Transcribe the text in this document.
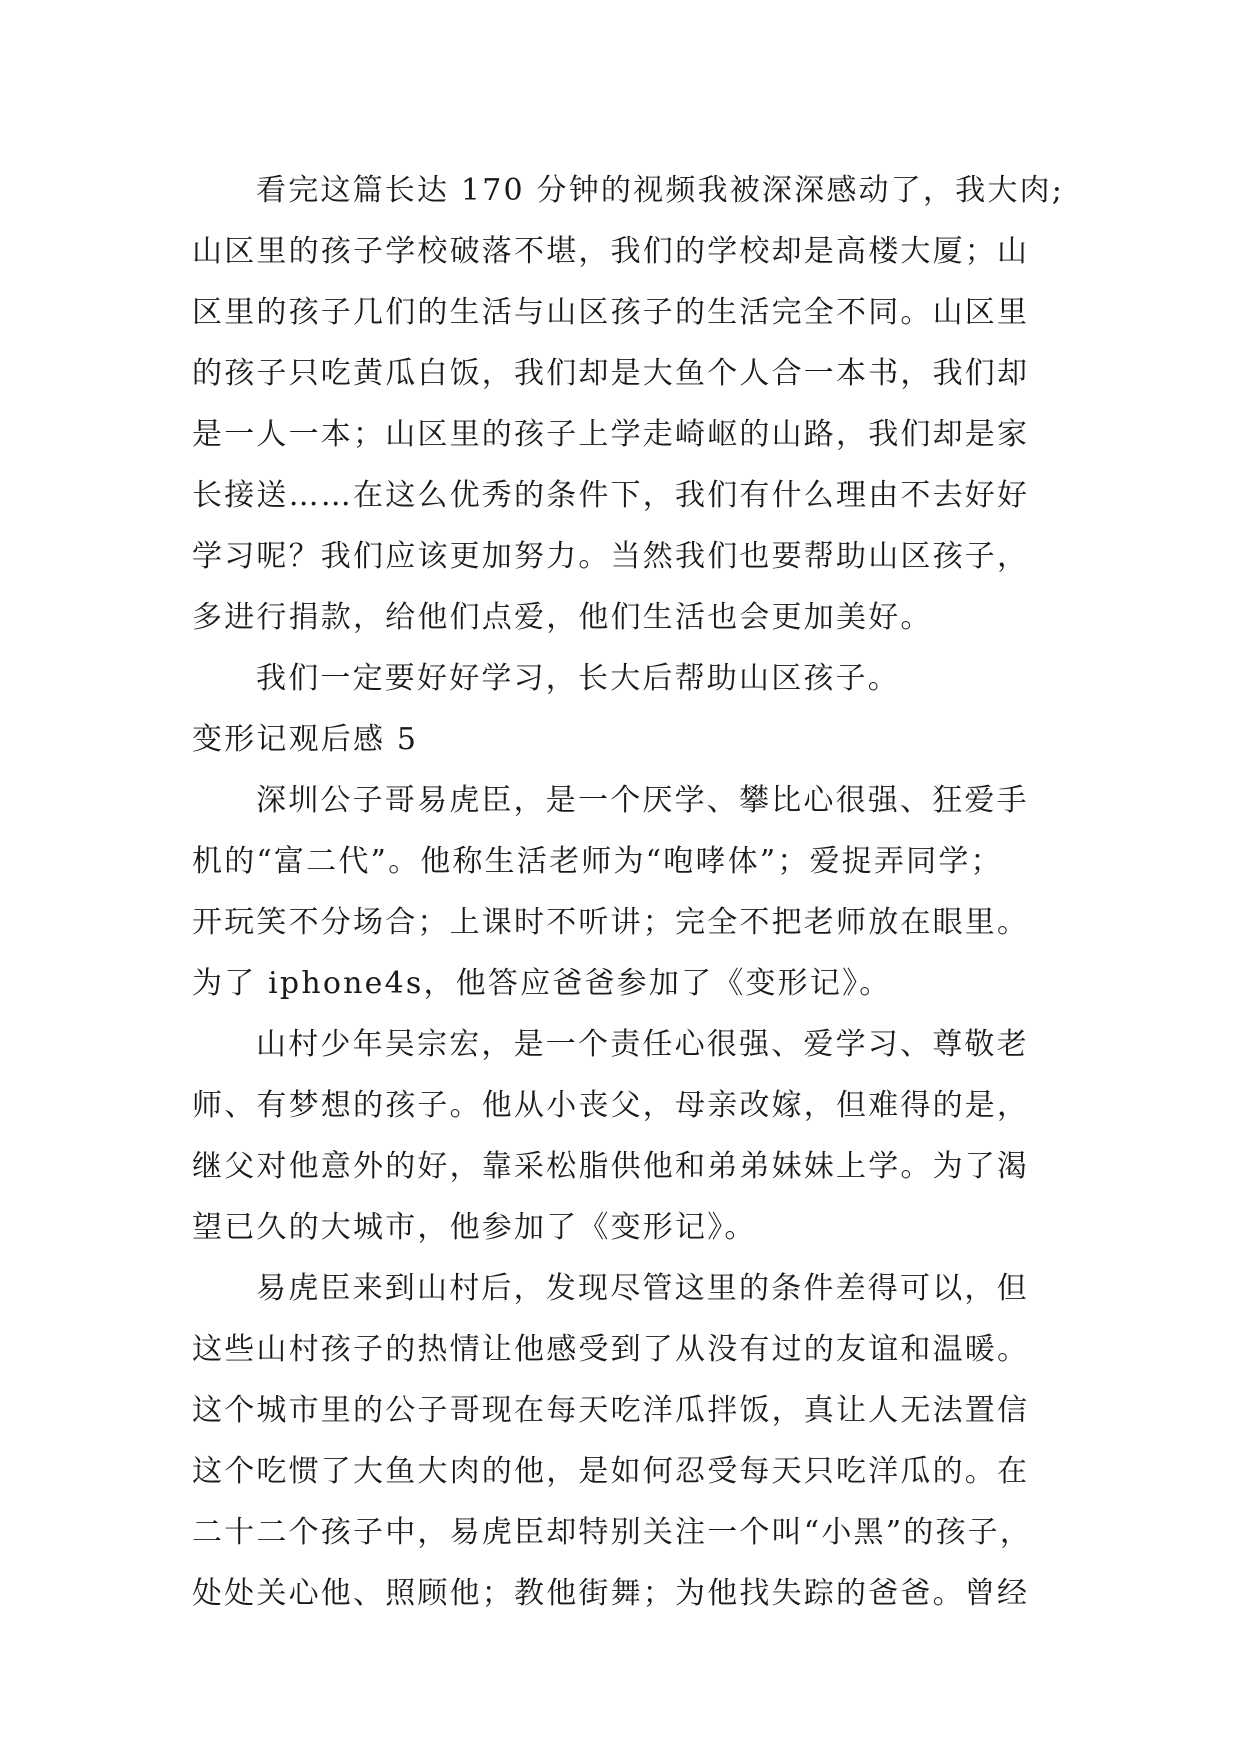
看完这篇长达 170 分钟的视频我被深深感动了，我大肉;
山区里的孩子学校破落不堪，我们的学校却是高楼大厦；山
区里的孩子几们的生活与山区孩子的生活完全不同。山区里
的孩子只吃黄瓜白饭，我们却是大鱼个人合一本书，我们却
是一人一本；山区里的孩子上学走崎岖的山路，我们却是家
长接送……在这么优秀的条件下，我们有什么理由不去好好
学习呢？我们应该更加努力。当然我们也要帮助山区孩子，
多进行捐款，给他们点爱，他们生活也会更加美好。
我们一定要好好学习，长大后帮助山区孩子。
变形记观后感 5
深圳公子哥易虎臣，是一个厌学、攀比心很强、狂爱手
机的“富二代”。他称生活老师为“咆哮体”；爱捉弄同学；
开玩笑不分场合；上课时不听讲；完全不把老师放在眼里。
为了 iphone4s，他答应爸爸参加了《变形记》。
山村少年吴宗宏，是一个责任心很强、爱学习、尊敬老
师、有梦想的孩子。他从小丧父，母亲改嫁，但难得的是，
继父对他意外的好，靠采松脂供他和弟弟妹妹上学。为了渴
望已久的大城市，他参加了《变形记》。
易虎臣来到山村后，发现尽管这里的条件差得可以，但
这些山村孩子的热情让他感受到了从没有过的友谊和温暖。
这个城市里的公子哥现在每天吃洋瓜拌饭，真让人无法置信
这个吃惯了大鱼大肉的他，是如何忍受每天只吃洋瓜的。在
二十二个孩子中，易虎臣却特别关注一个叫“小黑”的孩子，
处处关心他、照顾他；教他街舞；为他找失踪的爸爸。曾经
